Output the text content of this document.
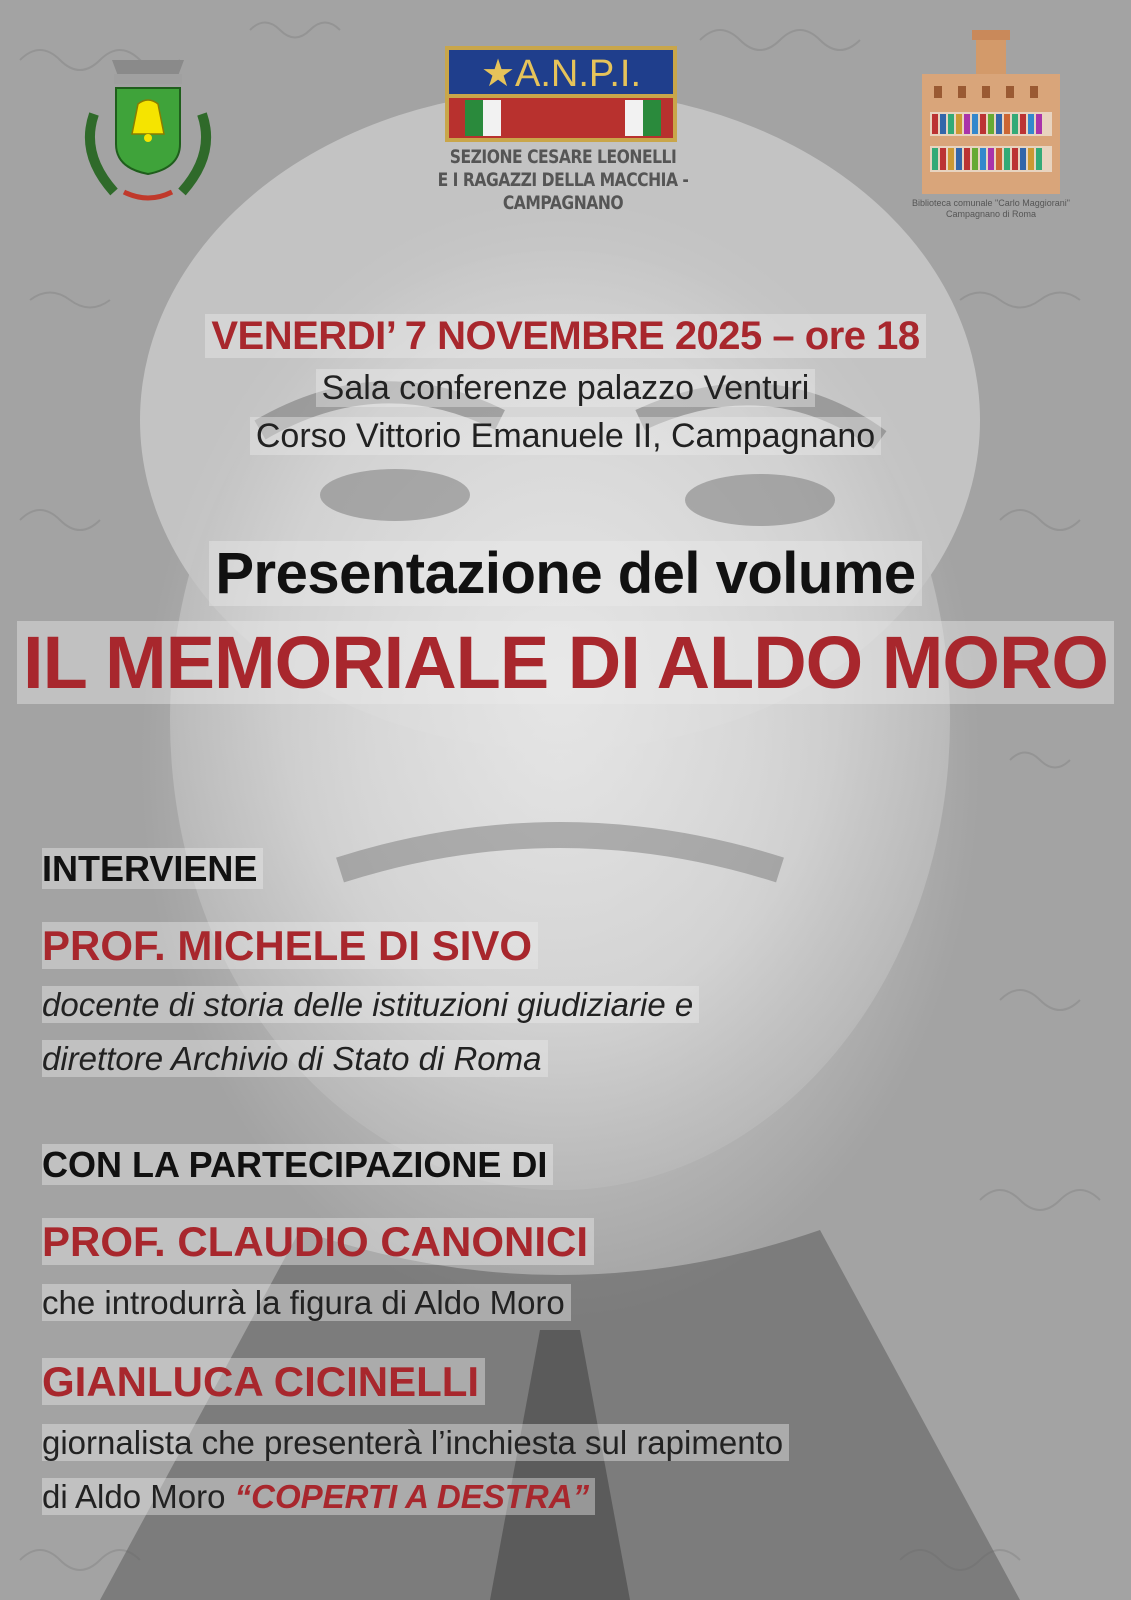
★A.N.P.I.
SEZIONE CESARE LEONELLI
E I RAGAZZI DELLA MACCHIA -
CAMPAGNANO	Biblioteca comunale "Carlo Maggiorani"
Campagnano di Roma
VENERDI’ 7 NOVEMBRE 2025 – ore 18
Sala conferenze palazzo Venturi
Corso Vittorio Emanuele II, Campagnano
Presentazione del volume
IL MEMORIALE DI ALDO MORO
INTERVIENE
PROF. MICHELE DI SIVO
docente di storia delle istituzioni giudiziarie e
direttore Archivio di Stato di Roma
CON LA PARTECIPAZIONE DI
PROF. CLAUDIO CANONICI
che introdurrà la figura di Aldo Moro
GIANLUCA CICINELLI
giornalista che presenterà l’inchiesta sul rapimento
di Aldo Moro “COPERTI A DESTRA”
